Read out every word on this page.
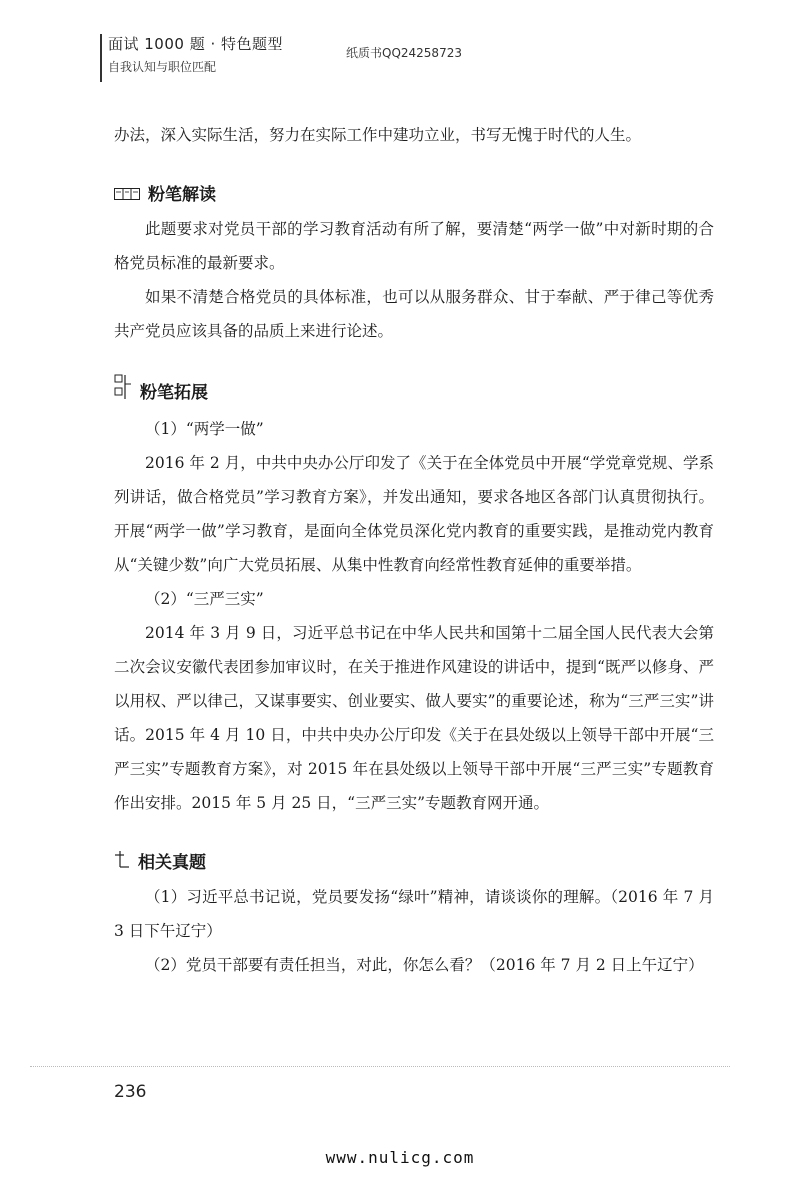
面试 1000 题 · 特色题型
自我认知与职位匹配
纸质书QQ24258723

办法，深入实际生活，努力在实际工作中建功立业，书写无愧于时代的人生。

粉笔解读

此题要求对党员干部的学习教育活动有所了解，要清楚“两学一做”中对新时期的合格党员标准的最新要求。

如果不清楚合格党员的具体标准，也可以从服务群众、甘于奉献、严于律己等优秀共产党员应该具备的品质上来进行论述。

粉笔拓展

（1）“两学一做”

2016 年 2 月，中共中央办公厅印发了《关于在全体党员中开展“学党章党规、学系列讲话，做合格党员”学习教育方案》，并发出通知，要求各地区各部门认真贯彻执行。开展“两学一做”学习教育，是面向全体党员深化党内教育的重要实践，是推动党内教育从“关键少数”向广大党员拓展、从集中性教育向经常性教育延伸的重要举措。

（2）“三严三实”

2014 年 3 月 9 日，习近平总书记在中华人民共和国第十二届全国人民代表大会第二次会议安徽代表团参加审议时，在关于推进作风建设的讲话中，提到“既严以修身、严以用权、严以律己，又谋事要实、创业要实、做人要实”的重要论述，称为“三严三实”讲话。2015 年 4 月 10 日，中共中央办公厅印发《关于在县处级以上领导干部中开展“三严三实”专题教育方案》，对 2015 年在县处级以上领导干部中开展“三严三实”专题教育作出安排。2015 年 5 月 25 日，“三严三实”专题教育网开通。

相关真题

（1）习近平总书记说，党员要发扬“绿叶”精神，请谈谈你的理解。（2016 年 7 月 3 日下午辽宁）

（2）党员干部要有责任担当，对此，你怎么看？（2016 年 7 月 2 日上午辽宁）

236
www.nulicg.com
